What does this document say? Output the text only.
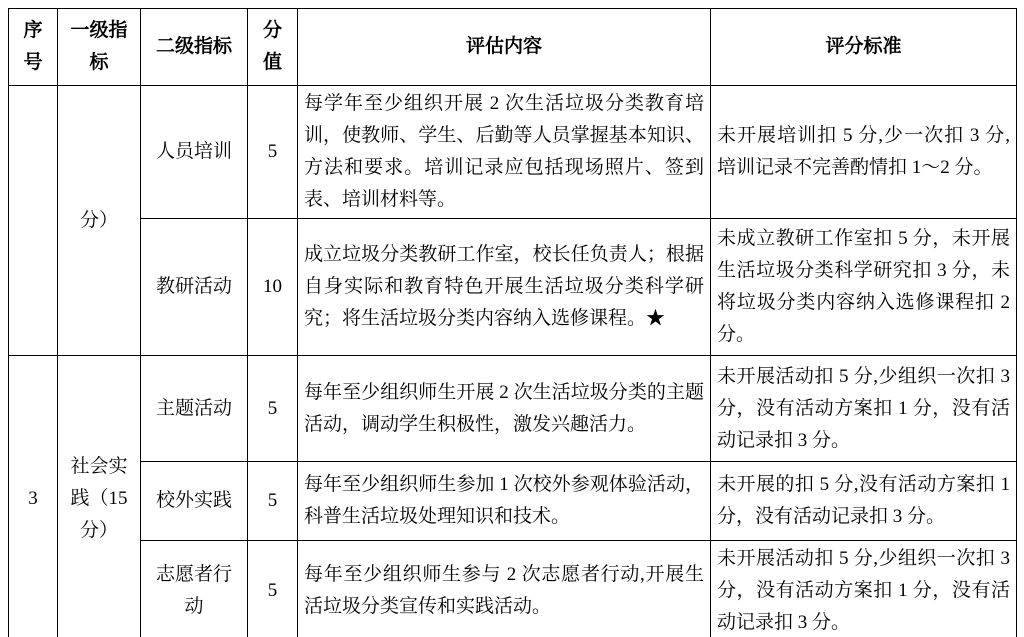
序号	一级指标	二级指标	分值	评估内容	评分标准
	分）	人员培训	5	每学年至少组织开展 2 次生活垃圾分类教育培训，使教师、学生、后勤等人员掌握基本知识、方法和要求。培训记录应包括现场照片、签到表、培训材料等。	未开展培训扣 5 分,少一次扣 3 分,培训记录不完善酌情扣 1～2 分。
		教研活动	10	成立垃圾分类教研工作室，校长任负责人；根据自身实际和教育特色开展生活垃圾分类科学研究；将生活垃圾分类内容纳入选修课程。★	未成立教研工作室扣 5 分，未开展生活垃圾分类科学研究扣 3 分，未将垃圾分类内容纳入选修课程扣 2 分。
3	社会实践（15 分）	主题活动	5	每年至少组织师生开展 2 次生活垃圾分类的主题活动，调动学生积极性，激发兴趣活力。	未开展活动扣 5 分,少组织一次扣 3 分，没有活动方案扣 1 分，没有活动记录扣 3 分。
		校外实践	5	每年至少组织师生参加 1 次校外参观体验活动，科普生活垃圾处理知识和技术。	未开展的扣 5 分,没有活动方案扣 1 分，没有活动记录扣 3 分。
		志愿者行动	5	每年至少组织师生参与 2 次志愿者行动,开展生活垃圾分类宣传和实践活动。	未开展活动扣 5 分,少组织一次扣 3 分，没有活动方案扣 1 分，没有活动记录扣 3 分。
